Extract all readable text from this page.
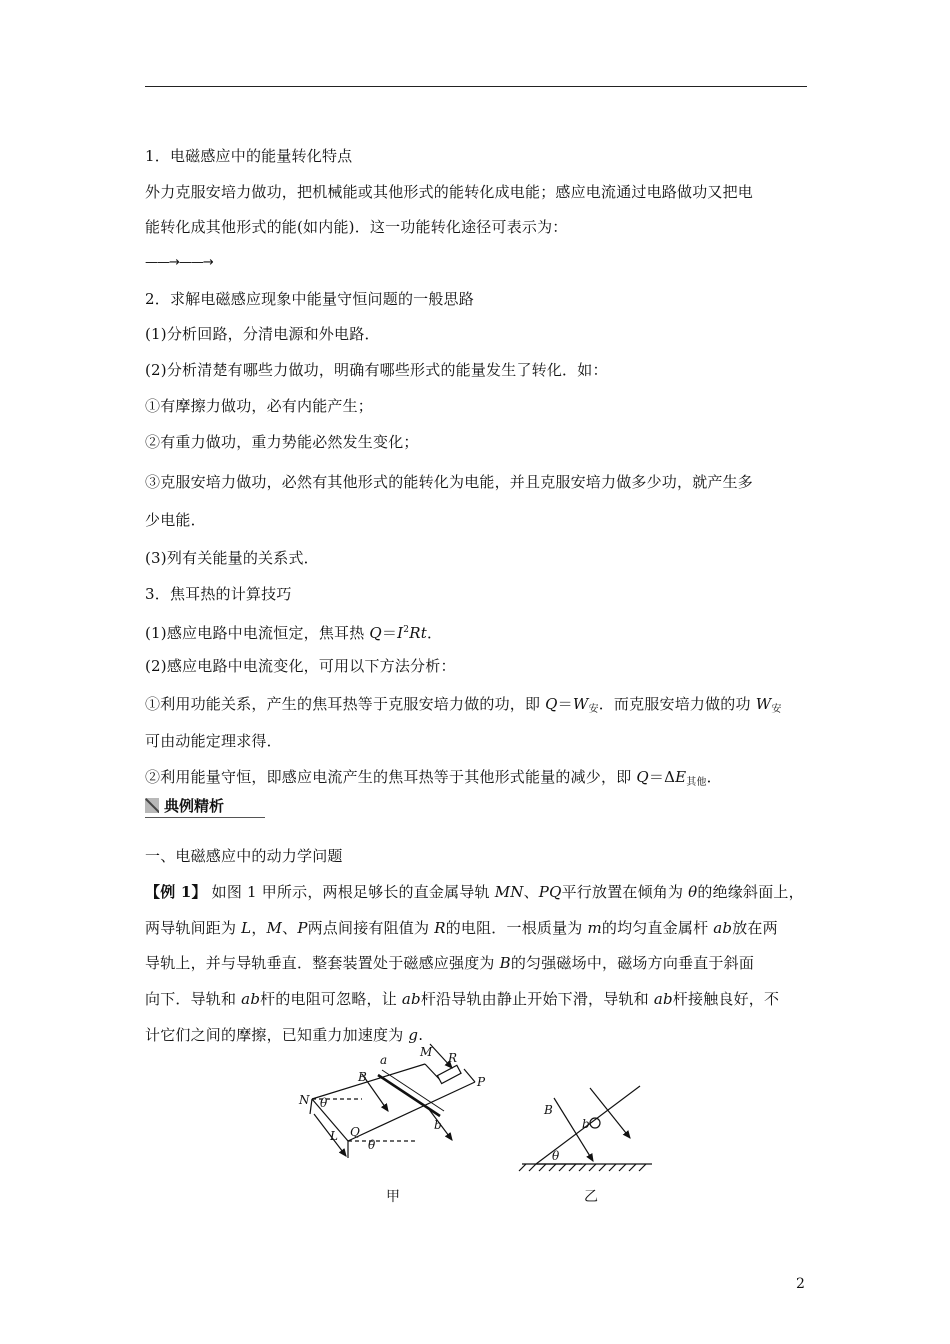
1．电磁感应中的能量转化特点
外力克服安培力做功，把机械能或其他形式的能转化成电能；感应电流通过电路做功又把电
能转化成其他形式的能(如内能)．这一功能转化途径可表示为：
——→——→
2．求解电磁感应现象中能量守恒问题的一般思路
(1)分析回路，分清电源和外电路．
(2)分析清楚有哪些力做功，明确有哪些形式的能量发生了转化．如：
①有摩擦力做功，必有内能产生；
②有重力做功，重力势能必然发生变化；
③克服安培力做功，必然有其他形式的能转化为电能，并且克服安培力做多少功，就产生多
少电能．
(3)列有关能量的关系式．
3．焦耳热的计算技巧
(1)感应电路中电流恒定，焦耳热 $Q=I^2Rt$．
(2)感应电路中电流变化，可用以下方法分析：
①利用功能关系，产生的焦耳热等于克服安培力做的功，即 $Q=W_安$．而克服安培力做的功 $W_安$
可由动能定理求得．
②利用能量守恒，即感应电流产生的焦耳热等于其他形式能量的减少，即 $Q=\Delta E_{其他}$．
典例精析
一、电磁感应中的动力学问题
【例 1】 如图 1 甲所示，两根足够长的直金属导轨 MN、PQ平行放置在倾角为 θ的绝缘斜面上，
两导轨间距为 L，M、P两点间接有阻值为 R的电阻．一根质量为 m的均匀直金属杆 ab放在两
导轨上，并与导轨垂直．整套装置处于磁感应强度为 B的匀强磁场中，磁场方向垂直于斜面
向下．导轨和 ab杆的电阻可忽略，让 ab杆沿导轨由静止开始下滑，导轨和 ab杆接触良好，不
计它们之间的摩擦，已知重力加速度为 g.
M R
P
a
B
b
N θ
Q
θ
L
B
b
θ
甲	乙
2
